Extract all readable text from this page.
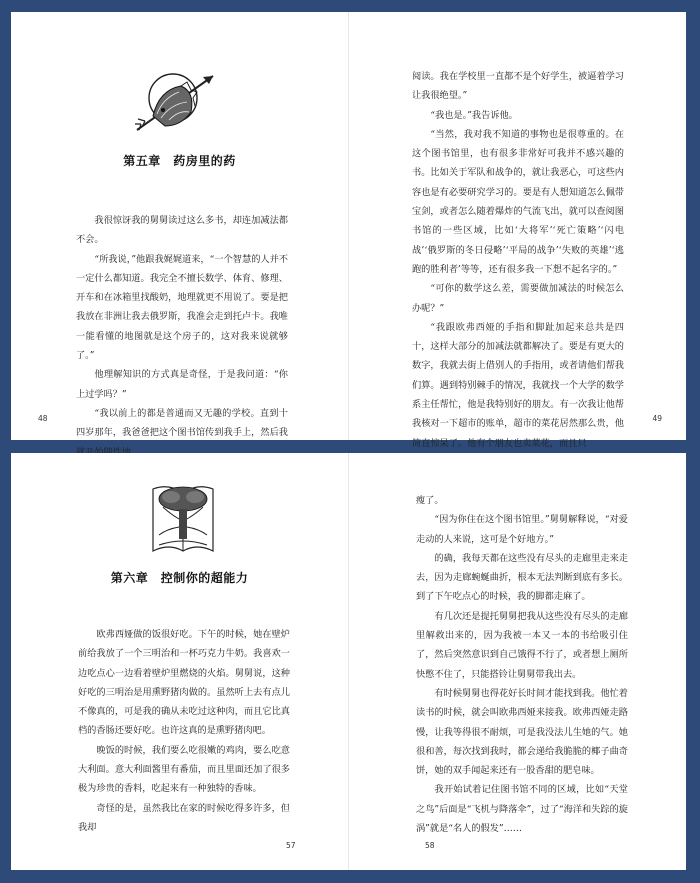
第五章　药房里的药

我很惊讶我的舅舅读过这么多书，却连加减法都不会。

“所我说，”他跟我娓娓道来，“一个智慧的人并不一定什么都知道。我完全不擅长数学、体育、修理、开车和在冰箱里找酸奶，地理就更不用说了。要是把我放在非洲让我去俄罗斯，我准会走到托卢卡。我唯一能看懂的地图就是这个房子的，这对我来说就够了。”

他理解知识的方式真是奇怪，于是我问道：“你上过学吗？”

“我以前上的都是普通而又无趣的学校。直到十四岁那年，我爸爸把这个图书馆传到我手上，然后我

48

阅读。我在学校里一直都不是个好学生，被逼着学习让我很绝望。”

“我也是。”我告诉他。

“当然，我对我不知道的事物也是很尊重的。在这个图书馆里，也有很多非常好可我并不感兴趣的书。比如关于军队和战争的，就让我恶心，可这些内容也是有必要研究学习的。要是有人想知道怎么佩带宝剑，或者怎么随着爆炸的气流飞出，就可以查阅图书馆的一些区域，比如‘大将军’‘死亡策略’‘闪电战’‘俄罗斯的冬日侵略’‘平局的战争’‘失败的英雄’‘逃跑的胜利者’等等，还有很多我一下想不起名字的。”

“可你的数学这么差，需要做加减法的时候怎么办呢？”

“我跟欧弗西娅的手指和脚趾加起来总共是四十，这样大部分的加减法就都解决了。要是有更大的数字，我就去街上借别人的手指用，或者请他们帮我们算。遇到特别棘手的情况，我就找一个大学的数学系主任帮忙，他是我特别好的朋友。有一次我让他帮我核对一下超市的账单，超市的菜花居然那么贵，他简直惊呆了。他有个朋友也卖菜花，而且只

49
第六章　控制你的超能力

欧弗西娅做的饭很好吃。下午的时候，她在壁炉前给我放了一个三明治和一杯巧克力牛奶。我喜欢一边吃点心一边看着壁炉里燃烧的火焰。舅舅说，这种好吃的三明治是用熏野猪肉做的。虽然听上去有点儿不像真的，可是我的确从未吃过这种肉，而且它比真档的香肠还要好吃。也许这真的是熏野猪肉吧。

晚饭的时候，我们要么吃很嫩的鸡肉，要么吃意大利面。意大利面酱里有番茄，而且里面还加了很多极为珍贵的香料，吃起来有一种独特的香味。

奇怪的是，虽然我比在家的时候吃得多许多，但我却

57

瘦了。

“因为你住在这个图书馆里。”舅舅解释说，“对爱走动的人来说，这可是个好地方。”

的确，我每天都在这些没有尽头的走廊里走来走去，因为走廊蜿蜒曲折，根本无法判断到底有多长。到了下午吃点心的时候，我的脚都走麻了。

有几次还是提托舅舅把我从这些没有尽头的走廊里解救出来的，因为我被一本又一本的书给吸引住了，然后突然意识到自己饿得不行了，或者想上厕所快憋不住了，只能搭铃让舅舅带我出去。

有时候舅舅也得花好长时间才能找到我。他忙着读书的时候，就会叫欧弗西娅来接我。欧弗西娅走路慢，让我等得很不耐烦，可是我没法儿生她的气。她很和善，每次找到我时，都会递给我脆脆的椰子曲奇饼，她的双手闻起来还有一股香甜的肥皂味。

我开始试着记住图书馆不同的区域，比如“天堂之鸟”后面是“飞机与降落伞”，过了“海洋和失踪的旋涡”就是“名人的假发”……

58
